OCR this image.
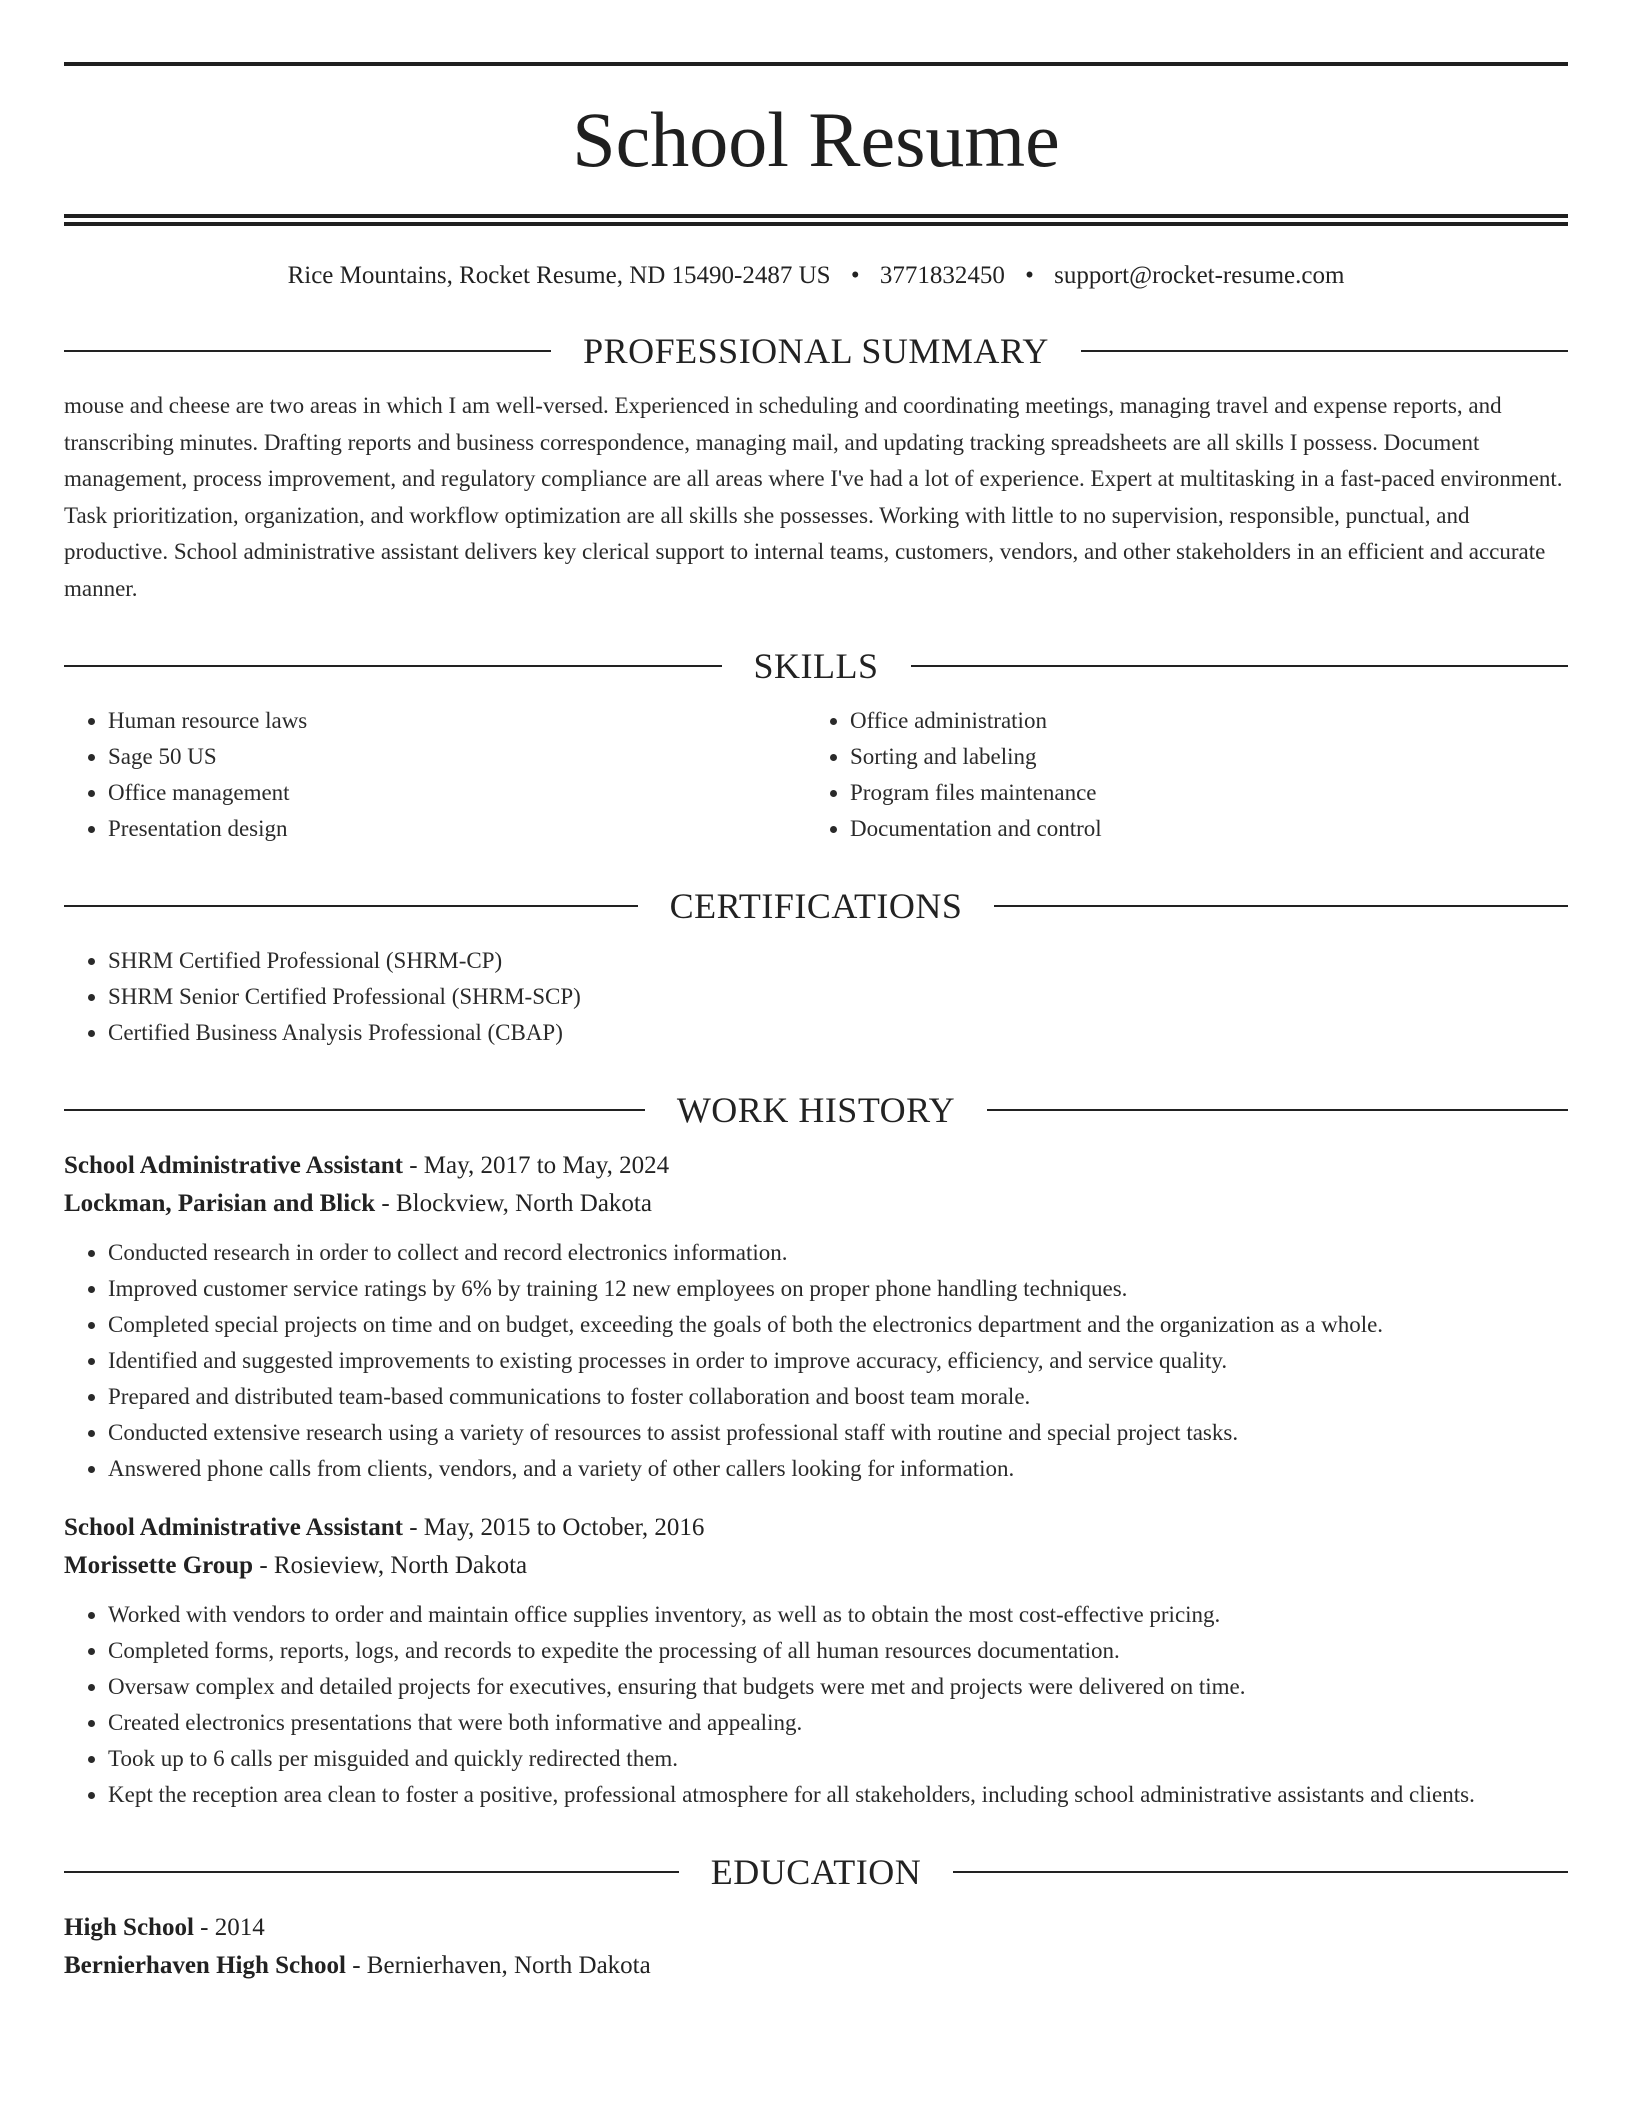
School Resume
Rice Mountains, Rocket Resume, ND 15490-2487 US • 3771832450 • support@rocket-resume.com
PROFESSIONAL SUMMARY

mouse and cheese are two areas in which I am well-versed. Experienced in scheduling and coordinating meetings, managing travel and expense reports, and transcribing minutes. Drafting reports and business correspondence, managing mail, and updating tracking spreadsheets are all skills I possess. Document management, process improvement, and regulatory compliance are all areas where I've had a lot of experience. Expert at multitasking in a fast-paced environment. Task prioritization, organization, and workflow optimization are all skills she possesses. Working with little to no supervision, responsible, punctual, and productive. School administrative assistant delivers key clerical support to internal teams, customers, vendors, and other stakeholders in an efficient and accurate manner.

SKILLS
• Human resource laws
• Sage 50 US
• Office management
• Presentation design
• Office administration
• Sorting and labeling
• Program files maintenance
• Documentation and control
CERTIFICATIONS
• SHRM Certified Professional (SHRM-CP)
• SHRM Senior Certified Professional (SHRM-SCP)
• Certified Business Analysis Professional (CBAP)
WORK HISTORY
School Administrative Assistant - May, 2017 to May, 2024
Lockman, Parisian and Blick - Blockview, North Dakota
• Conducted research in order to collect and record electronics information.
• Improved customer service ratings by 6% by training 12 new employees on proper phone handling techniques.
• Completed special projects on time and on budget, exceeding the goals of both the electronics department and the organization as a whole.
• Identified and suggested improvements to existing processes in order to improve accuracy, efficiency, and service quality.
• Prepared and distributed team-based communications to foster collaboration and boost team morale.
• Conducted extensive research using a variety of resources to assist professional staff with routine and special project tasks.
• Answered phone calls from clients, vendors, and a variety of other callers looking for information.
School Administrative Assistant - May, 2015 to October, 2016
Morissette Group - Rosieview, North Dakota
• Worked with vendors to order and maintain office supplies inventory, as well as to obtain the most cost-effective pricing.
• Completed forms, reports, logs, and records to expedite the processing of all human resources documentation.
• Oversaw complex and detailed projects for executives, ensuring that budgets were met and projects were delivered on time.
• Created electronics presentations that were both informative and appealing.
• Took up to 6 calls per misguided and quickly redirected them.
• Kept the reception area clean to foster a positive, professional atmosphere for all stakeholders, including school administrative assistants and clients.
EDUCATION
High School - 2014
Bernierhaven High School - Bernierhaven, North Dakota
